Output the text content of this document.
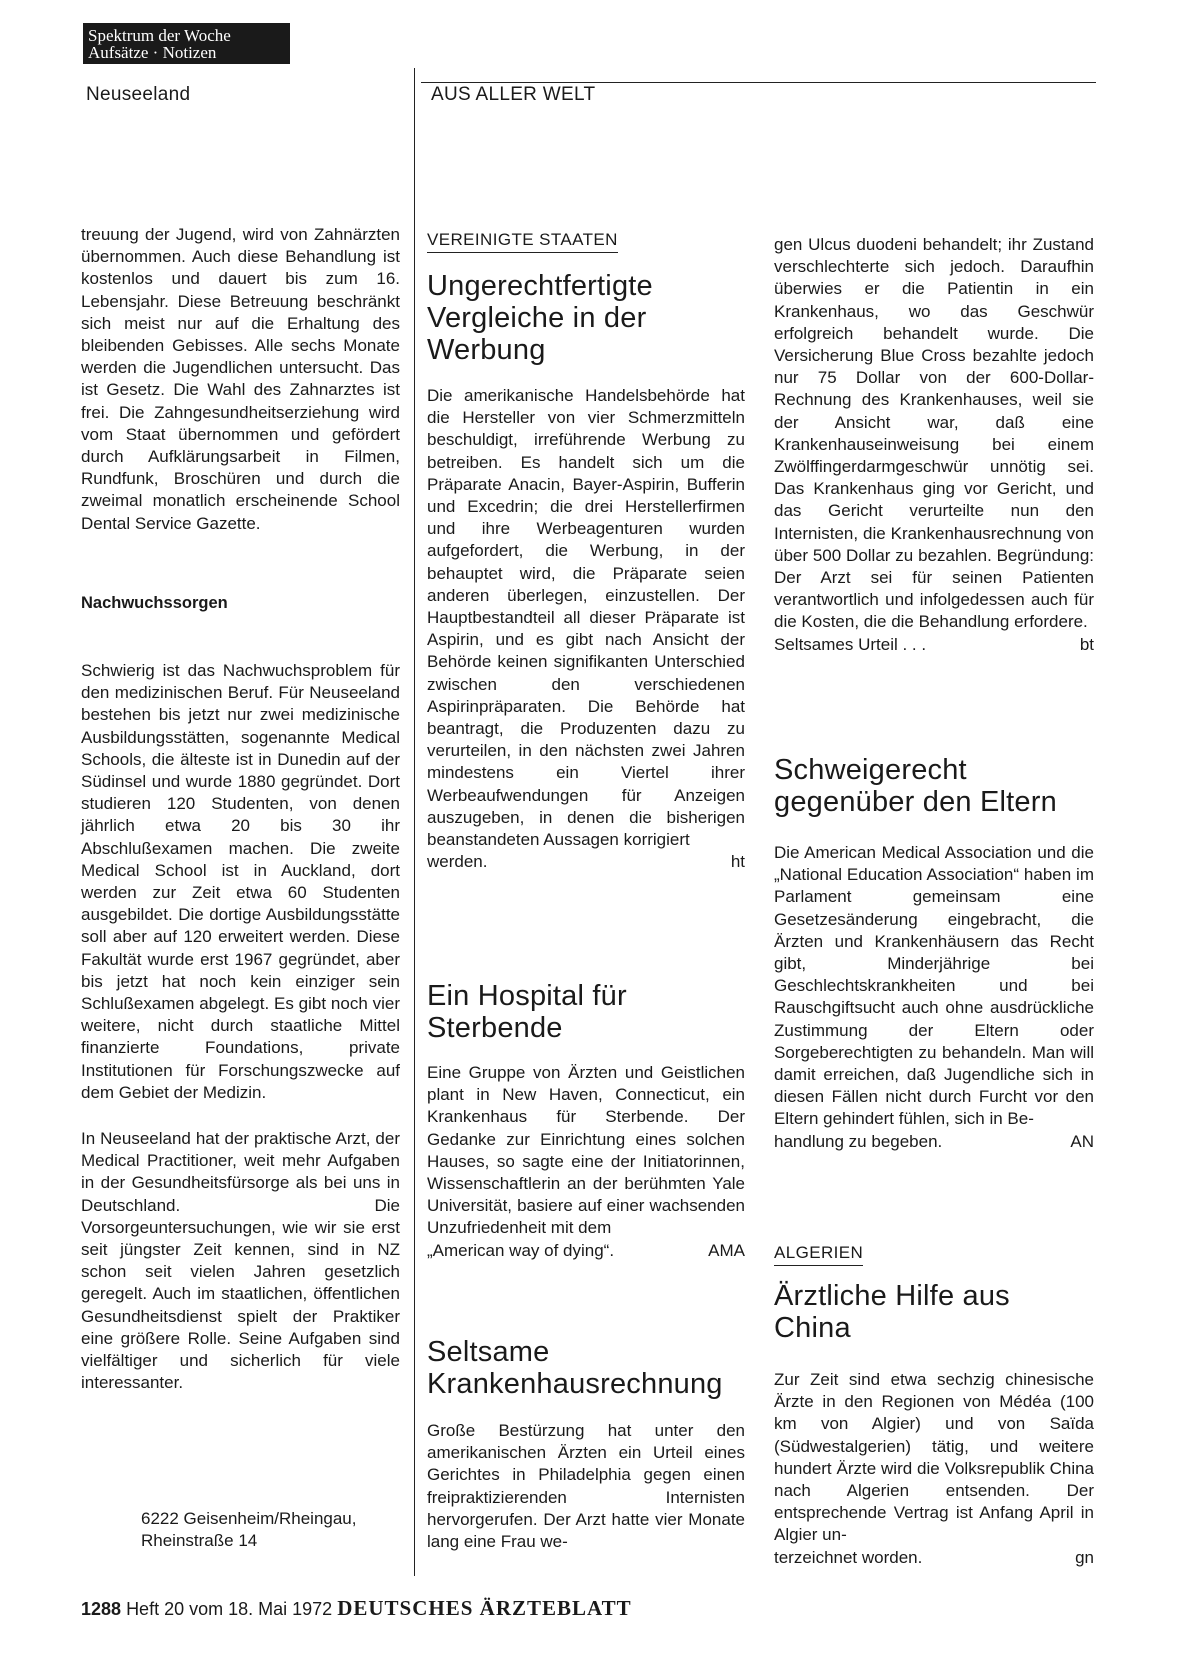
Spektrum der Woche
Aufsätze · Notizen
Neuseeland	AUS ALLER WELT

treuung der Jugend, wird von Zahnärzten übernommen. Auch diese Behandlung ist kostenlos und dauert bis zum 16. Lebensjahr. Diese Betreuung beschränkt sich meist nur auf die Erhaltung des bleibenden Gebisses. Alle sechs Monate werden die Jugendlichen untersucht. Das ist Gesetz. Die Wahl des Zahnarztes ist frei. Die Zahngesundheitserziehung wird vom Staat übernommen und gefördert durch Aufklärungsarbeit in Filmen, Rundfunk, Broschüren und durch die zweimal monatlich erscheinende School Dental Service Gazette.

Nachwuchssorgen

Schwierig ist das Nachwuchsproblem für den medizinischen Beruf. Für Neuseeland bestehen bis jetzt nur zwei medizinische Ausbildungsstätten, sogenannte Medical Schools, die älteste ist in Dunedin auf der Südinsel und wurde 1880 gegründet. Dort studieren 120 Studenten, von denen jährlich etwa 20 bis 30 ihr Abschlußexamen machen. Die zweite Medical School ist in Auckland, dort werden zur Zeit etwa 60 Studenten ausgebildet. Die dortige Ausbildungsstätte soll aber auf 120 erweitert werden. Diese Fakultät wurde erst 1967 gegründet, aber bis jetzt hat noch kein einziger sein Schlußexamen abgelegt. Es gibt noch vier weitere, nicht durch staatliche Mittel finanzierte Foundations, private Institutionen für Forschungszwecke auf dem Gebiet der Medizin.

In Neuseeland hat der praktische Arzt, der Medical Practitioner, weit mehr Aufgaben in der Gesundheitsfürsorge als bei uns in Deutschland. Die Vorsorgeuntersuchungen, wie wir sie erst seit jüngster Zeit kennen, sind in NZ schon seit vielen Jahren gesetzlich geregelt. Auch im staatlichen, öffentlichen Gesundheitsdienst spielt der Praktiker eine größere Rolle. Seine Aufgaben sind vielfältiger und sicherlich für viele interessanter.

6222 Geisenheim/Rheingau,
Rheinstraße 14
VEREINIGTE STAATEN
Ungerechtfertigte Vergleiche in der Werbung

Die amerikanische Handelsbehörde hat die Hersteller von vier Schmerzmitteln beschuldigt, irreführende Werbung zu betreiben. Es handelt sich um die Präparate Anacin, Bayer-Aspirin, Bufferin und Excedrin; die drei Herstellerfirmen und ihre Werbeagenturen wurden aufgefordert, die Werbung, in der behauptet wird, die Präparate seien anderen überlegen, einzustellen. Der Hauptbestandteil all dieser Präparate ist Aspirin, und es gibt nach Ansicht der Behörde keinen signifikanten Unterschied zwischen den verschiedenen Aspirinpräparaten. Die Behörde hat beantragt, die Produzenten dazu zu verurteilen, in den nächsten zwei Jahren mindestens ein Viertel ihrer Werbeaufwendungen für Anzeigen auszugeben, in denen die bisherigen beanstandeten Aussagen korrigiert

werden.	ht
Ein Hospital für Sterbende

Eine Gruppe von Ärzten und Geistlichen plant in New Haven, Connecticut, ein Krankenhaus für Sterbende. Der Gedanke zur Einrichtung eines solchen Hauses, so sagte eine der Initiatorinnen, Wissenschaftlerin an der berühmten Yale Universität, basiere auf einer wachsenden Unzufriedenheit mit dem

„American way of dying“.	AMA
Seltsame Krankenhausrechnung

Große Bestürzung hat unter den amerikanischen Ärzten ein Urteil eines Gerichtes in Philadelphia gegen einen freipraktizierenden Internisten hervorgerufen. Der Arzt hatte vier Monate lang eine Frau we-

gen Ulcus duodeni behandelt; ihr Zustand verschlechterte sich jedoch. Daraufhin überwies er die Patientin in ein Krankenhaus, wo das Geschwür erfolgreich behandelt wurde. Die Versicherung Blue Cross bezahlte jedoch nur 75 Dollar von der 600-Dollar-Rechnung des Krankenhauses, weil sie der Ansicht war, daß eine Krankenhauseinweisung bei einem Zwölffingerdarmgeschwür unnötig sei. Das Krankenhaus ging vor Gericht, und das Gericht verurteilte nun den Internisten, die Krankenhausrechnung von über 500 Dollar zu bezahlen. Begründung: Der Arzt sei für seinen Patienten verantwortlich und infolgedessen auch für die Kosten, die die Behandlung erfordere.

Seltsames Urteil . . .	bt
Schweigerecht gegenüber den Eltern

Die American Medical Association und die „National Education Association“ haben im Parlament gemeinsam eine Gesetzesänderung eingebracht, die Ärzten und Krankenhäusern das Recht gibt, Minderjährige bei Geschlechtskrankheiten und bei Rauschgiftsucht auch ohne ausdrückliche Zustimmung der Eltern oder Sorgeberechtigten zu behandeln. Man will damit erreichen, daß Jugendliche sich in diesen Fällen nicht durch Furcht vor den Eltern gehindert fühlen, sich in Be-

handlung zu begeben.	AN
ALGERIEN
Ärztliche Hilfe aus China

Zur Zeit sind etwa sechzig chinesische Ärzte in den Regionen von Médéa (100 km von Algier) und von Saïda (Südwestalgerien) tätig, und weitere hundert Ärzte wird die Volksrepublik China nach Algerien entsenden. Der entsprechende Vertrag ist Anfang April in Algier un-

terzeichnet worden.	gn
1288 Heft 20 vom 18. Mai 1972 DEUTSCHES ÄRZTEBLATT
